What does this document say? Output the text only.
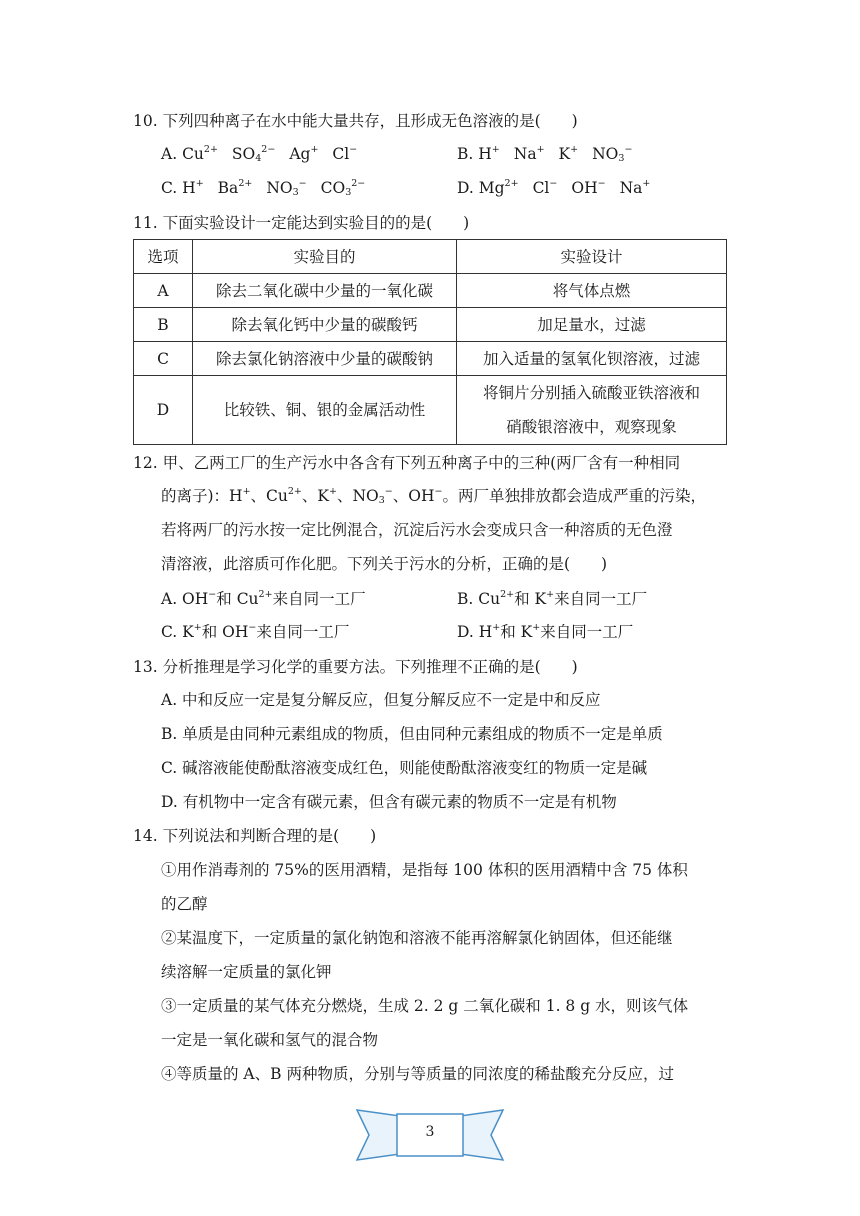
10. 下列四种离子在水中能大量共存，且形成无色溶液的是(　　)
A. $Cu^{2+}$ $SO_4^{2-}$ Ag+ Cl−	B. H+ Na+ K+ $NO_3^-$
C. H+ $Ba^{2+}$ $NO_3^-$ $CO_3^{2-}$	D. $Mg^{2+}$ Cl− OH− Na+
11. 下面实验设计一定能达到实验目的的是(　　)
选项	实验目的	实验设计
A	除去二氧化碳中少量的一氧化碳	将气体点燃
B	除去氧化钙中少量的碳酸钙	加足量水，过滤
C	除去氯化钠溶液中少量的碳酸钠	加入适量的氢氧化钡溶液，过滤
D	比较铁、铜、银的金属活动性	将铜片分别插入硫酸亚铁溶液和
硝酸银溶液中，观察现象
12. 甲、乙两工厂的生产污水中各含有下列五种离子中的三种(两厂含有一种相同
的离子)：H+、$Cu^{2+}$、K+、$NO_3^-$、OH−。两厂单独排放都会造成严重的污染，
若将两厂的污水按一定比例混合，沉淀后污水会变成只含一种溶质的无色澄
清溶液，此溶质可作化肥。下列关于污水的分析，正确的是(　　)
A. OH−和 $Cu^{2+}$来自同一工厂	B. $Cu^{2+}$和 K+来自同一工厂
C. K+和 OH−来自同一工厂	D. H+和 K+来自同一工厂
13. 分析推理是学习化学的重要方法。下列推理不正确的是(　　)
A. 中和反应一定是复分解反应，但复分解反应不一定是中和反应
B. 单质是由同种元素组成的物质，但由同种元素组成的物质不一定是单质
C. 碱溶液能使酚酞溶液变成红色，则能使酚酞溶液变红的物质一定是碱
D. 有机物中一定含有碳元素，但含有碳元素的物质不一定是有机物
14. 下列说法和判断合理的是(　　)
①用作消毒剂的 75%的医用酒精，是指每 100 体积的医用酒精中含 75 体积
的乙醇
②某温度下，一定质量的氯化钠饱和溶液不能再溶解氯化钠固体，但还能继
续溶解一定质量的氯化钾
③一定质量的某气体充分燃烧，生成 2. 2 g 二氧化碳和 1. 8 g 水，则该气体
一定是一氧化碳和氢气的混合物
④等质量的 A、B 两种物质，分别与等质量的同浓度的稀盐酸充分反应，过
3
